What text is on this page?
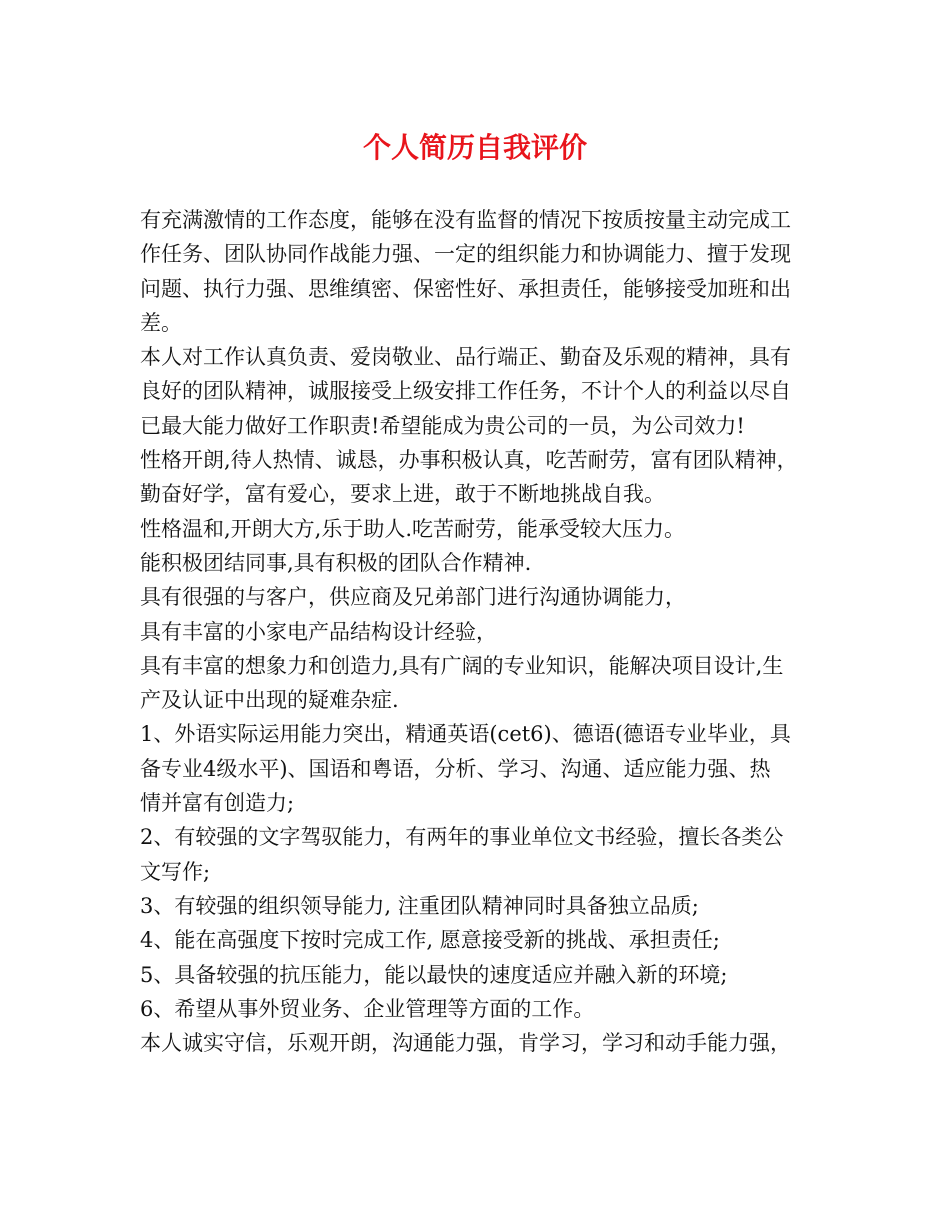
个人简历自我评价
有充满激情的工作态度，能够在没有监督的情况下按质按量主动完成工
作任务、团队协同作战能力强、一定的组织能力和协调能力、擅于发现
问题、执行力强、思维缜密、保密性好、承担责任，能够接受加班和出
差。
本人对工作认真负责、爱岗敬业、品行端正、勤奋及乐观的精神，具有
良好的团队精神，诚服接受上级安排工作任务，不计个人的利益以尽自
已最大能力做好工作职责!希望能成为贵公司的一员，为公司效力!
性格开朗,待人热情、诚恳，办事积极认真，吃苦耐劳，富有团队精神，
勤奋好学，富有爱心，要求上进，敢于不断地挑战自我。
性格温和,开朗大方,乐于助人.吃苦耐劳，能承受较大压力。
能积极团结同事,具有积极的团队合作精神.
具有很强的与客户，供应商及兄弟部门进行沟通协调能力，
具有丰富的小家电产品结构设计经验，
具有丰富的想象力和创造力,具有广阔的专业知识，能解决项目设计,生
产及认证中出现的疑难杂症.
1、外语实际运用能力突出，精通英语(cet6)、德语(德语专业毕业，具
备专业4级水平)、国语和粤语，分析、学习、沟通、适应能力强、热
情并富有创造力;
2、有较强的文字驾驭能力，有两年的事业单位文书经验，擅长各类公
文写作;
3、有较强的组织领导能力, 注重团队精神同时具备独立品质;
4、能在高强度下按时完成工作, 愿意接受新的挑战、承担责任;
5、具备较强的抗压能力，能以最快的速度适应并融入新的环境;
6、希望从事外贸业务、企业管理等方面的工作。
本人诚实守信，乐观开朗，沟通能力强，肯学习，学习和动手能力强，
